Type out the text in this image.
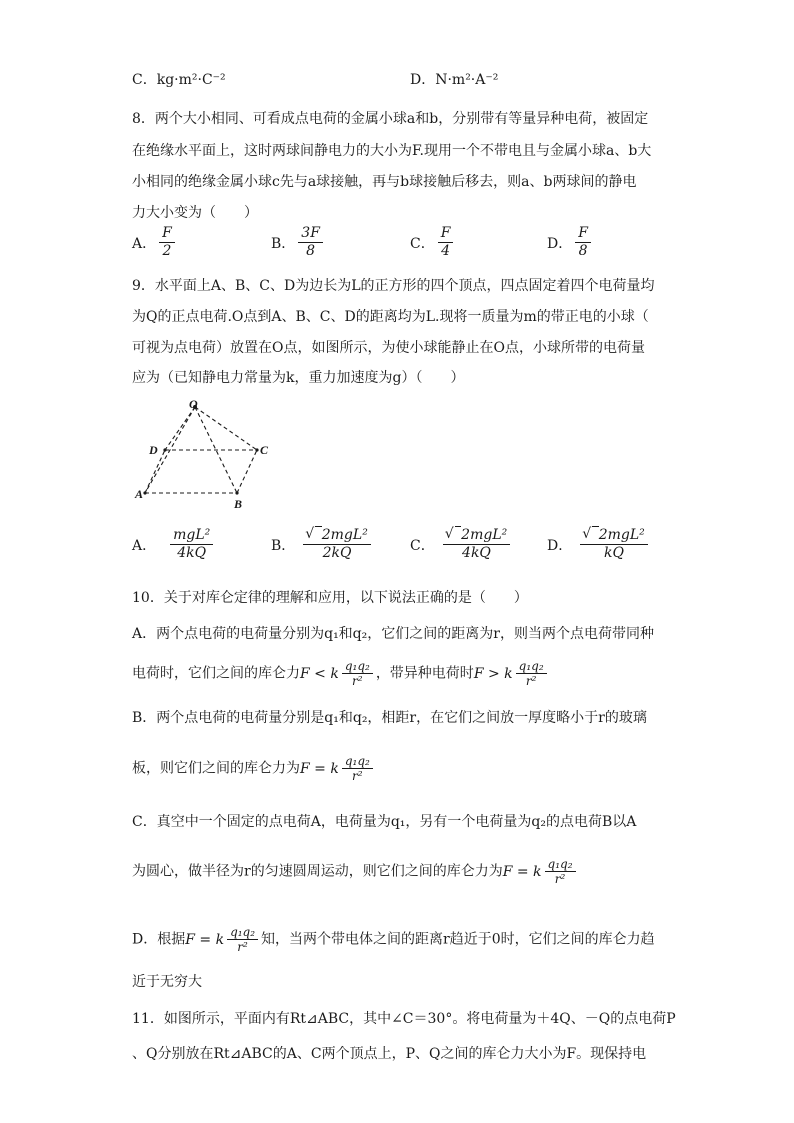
C．kg·m²·C⁻²	D．N·m²·A⁻²
8．两个大小相同、可看成点电荷的金属小球a和b，分别带有等量异种电荷，被固定
在绝缘水平面上，这时两球间静电力的大小为F.现用一个不带电且与金属小球a、b大
小相同的绝缘金属小球c先与a球接触，再与b球接触后移去，则a、b两球间的静电
力大小变为（　　）
A． $\frac{F}{2}$	B． $\frac{3F}{8}$	C． $\frac{F}{4}$	D． $\frac{F}{8}$
9．水平面上A、B、C、D为边长为L的正方形的四个顶点，四点固定着四个电荷量均
为Q的正点电荷.O点到A、B、C、D的距离均为L.现将一质量为m的带正电的小球（
可视为点电荷）放置在O点，如图所示，为使小球能静止在O点，小球所带的电荷量
应为（已知静电力常量为k，重力加速度为g）（　　）
O
D	C
A
B
A． $\frac{\text{mgL²}}{4kQ}$	B． √ $\frac{\text{2mgL²}}{2kQ}$	C． √ $\frac{\text{2mgL²}}{4kQ}$	D． √ $\frac{\text{2mgL²}}{kQ}$
10．关于对库仑定律的理解和应用，以下说法正确的是（　　）
A．两个点电荷的电荷量分别为q₁和q₂，它们之间的距离为r，则当两个点电荷带同种
电荷时，它们之间的库仑力 F < k $\frac{\text{q₁q₂}}{\text{r²}}$ ，带异种电荷时 F > k $\frac{\text{q₁q₂}}{\text{r²}}$
B．两个点电荷的电荷量分别是q₁和q₂，相距r，在它们之间放一厚度略小于r的玻璃
板，则它们之间的库仑力为 F = k $\frac{\text{q₁q₂}}{\text{r²}}$
C．真空中一个固定的点电荷A，电荷量为q₁，另有一个电荷量为q₂的点电荷B以A
为圆心，做半径为r的匀速圆周运动，则它们之间的库仑力为 F = k $\frac{\text{q₁q₂}}{\text{r²}}$
D．根据 F = k $\frac{\text{q₁q₂}}{\text{r²}}$ 知，当两个带电体之间的距离r趋近于0时，它们之间的库仑力趋
近于无穷大
11．如图所示，平面内有Rt⊿ABC，其中∠C＝30°。将电荷量为＋4Q、－Q的点电荷P
、Q分别放在Rt⊿ABC的A、C两个顶点上，P、Q之间的库仑力大小为F。现保持电
